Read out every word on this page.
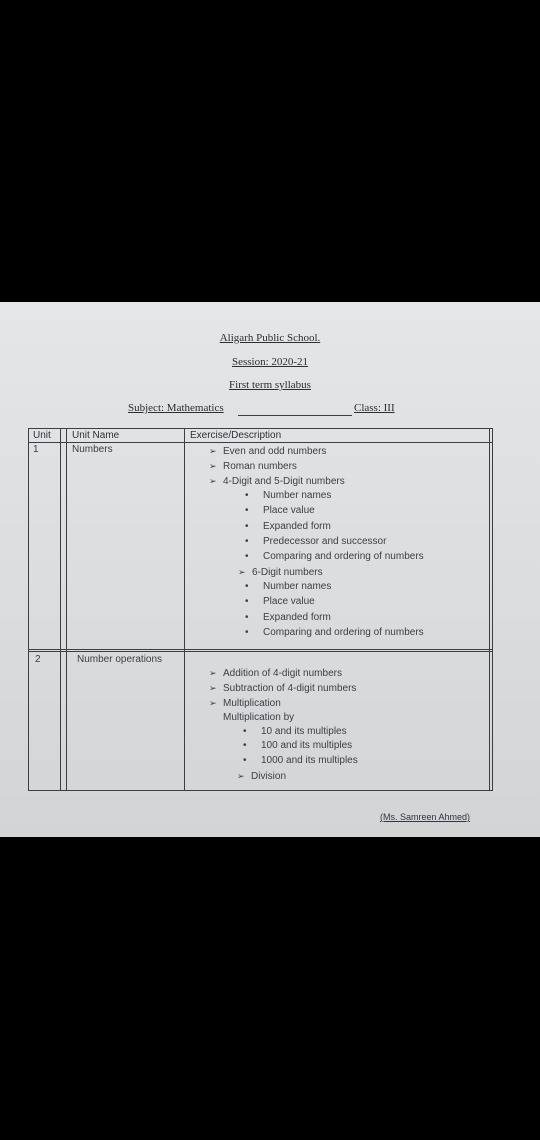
Aligarh Public School.
Session: 2020-21
First term syllabus
Subject: Mathematics	Class: III
Unit Unit Name	Exercise/Description
1	Numbers	➢ Even and odd numbers
➢ Roman numbers
➢ 4-Digit and 5-Digit numbers
• Number names
• Place value
• Expanded form
• Predecessor and successor
• Comparing and ordering of numbers
➢ 6-Digit numbers
• Number names
• Place value
• Expanded form
• Comparing and ordering of numbers
2	Number operations
➢ Addition of 4-digit numbers
➢ Subtraction of 4-digit numbers
➢ Multiplication
Multiplication by
• 10 and its multiples
• 100 and its multiples
• 1000 and its multiples
➢ Division
(Ms. Samreen Ahmed)
